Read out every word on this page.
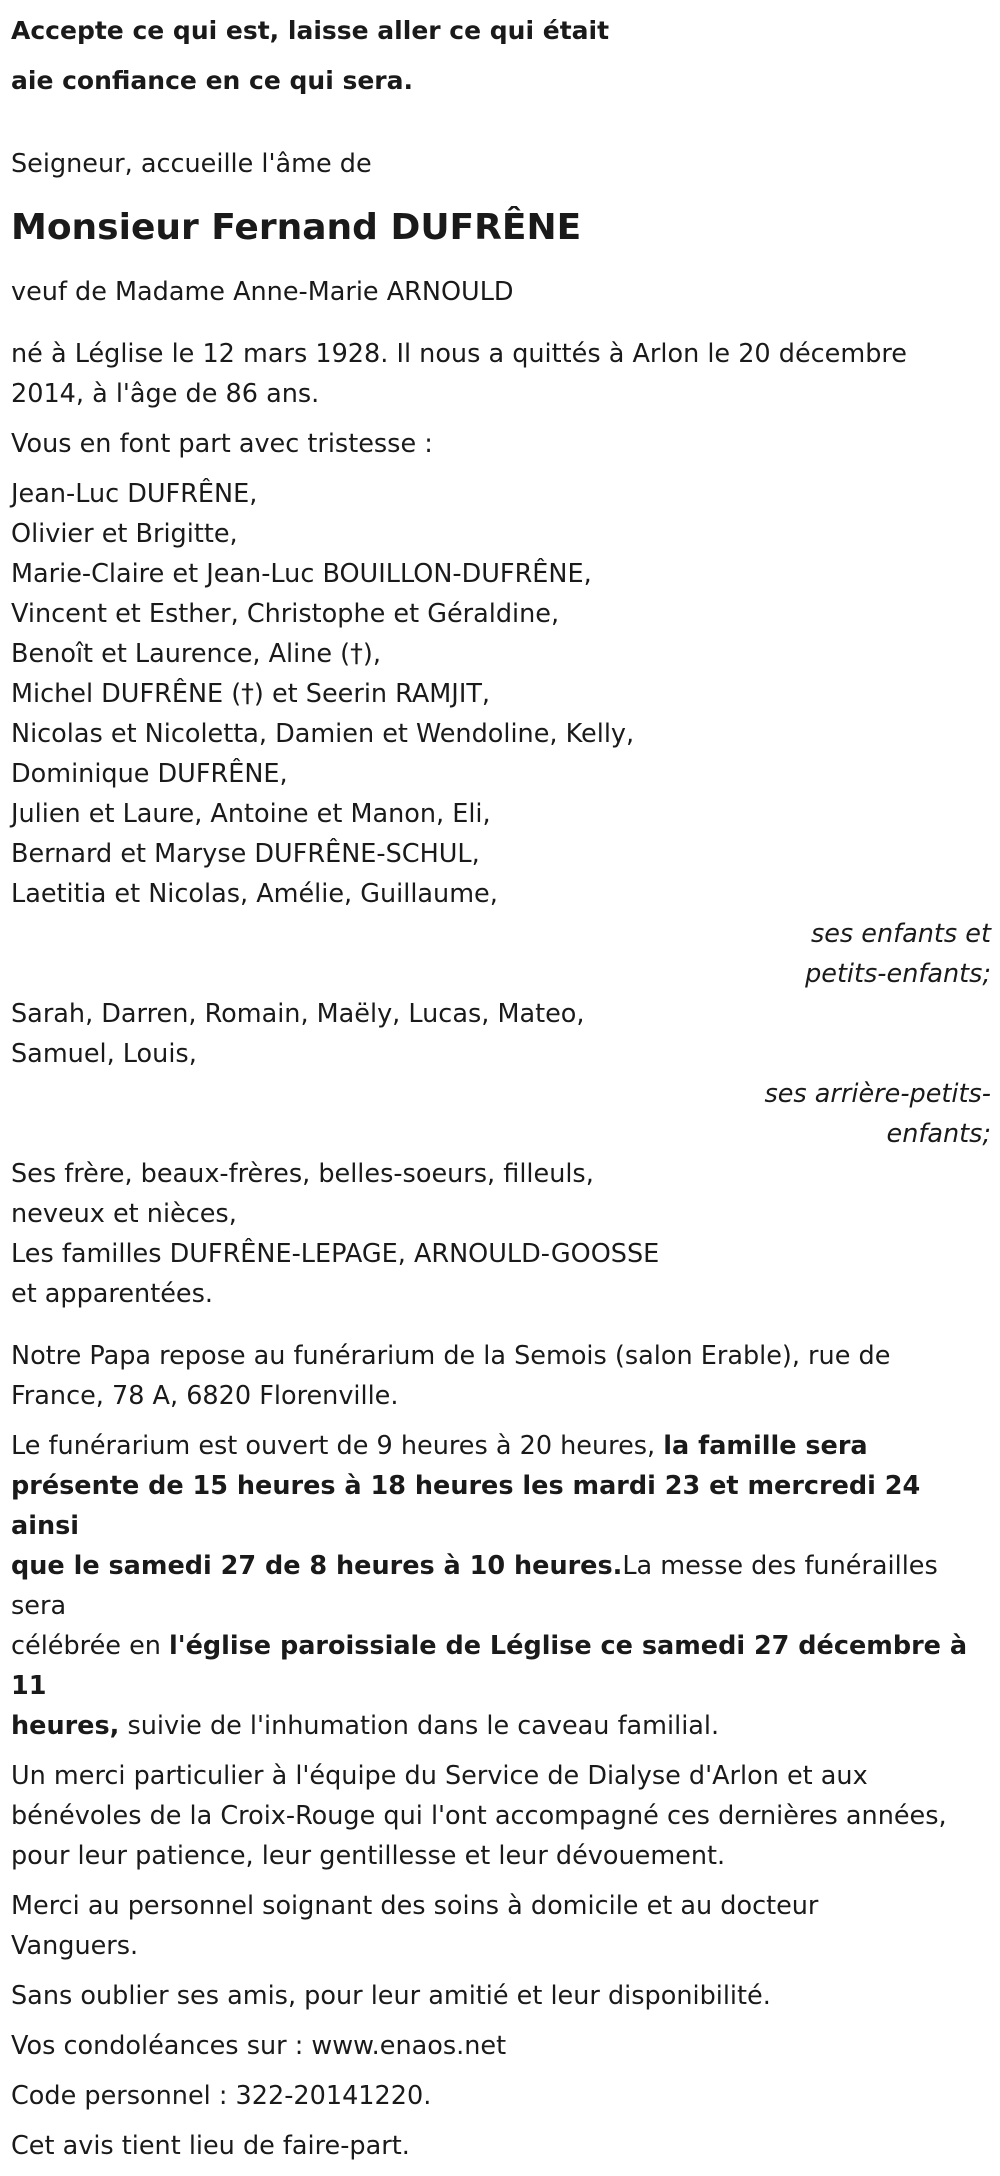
Accepte ce qui est, laisse aller ce qui était

aie confiance en ce qui sera.

Seigneur, accueille l'âme de

Monsieur Fernand DUFRÊNE

veuf de Madame Anne-Marie ARNOULD

né à Léglise le 12 mars 1928. Il nous a quittés à Arlon le 20 décembre

2014, à l'âge de 86 ans.

Vous en font part avec tristesse :

Jean-Luc DUFRÊNE,

Olivier et Brigitte,

Marie-Claire et Jean-Luc BOUILLON-DUFRÊNE,

Vincent et Esther, Christophe et Géraldine,

Benoît et Laurence, Aline (†),

Michel DUFRÊNE (†) et Seerin RAMJIT,

Nicolas et Nicoletta, Damien et Wendoline, Kelly,

Dominique DUFRÊNE,

Julien et Laure, Antoine et Manon, Eli,

Bernard et Maryse DUFRÊNE-SCHUL,

Laetitia et Nicolas, Amélie, Guillaume,

ses enfants et
petits-enfants;

Sarah, Darren, Romain, Maëly, Lucas, Mateo,

Samuel, Louis,

ses arrière-petits-
enfants;

Ses frère, beaux-frères, belles-soeurs, filleuls,

neveux et nièces,

Les familles DUFRÊNE-LEPAGE, ARNOULD-GOOSSE

et apparentées.

Notre Papa repose au funérarium de la Semois (salon Erable), rue de

France, 78 A, 6820 Florenville.

Le funérarium est ouvert de 9 heures à 20 heures, la famille sera

présente de 15 heures à 18 heures les mardi 23 et mercredi 24 ainsi

que le samedi 27 de 8 heures à 10 heures.La messe des funérailles sera

célébrée en l'église paroissiale de Léglise ce samedi 27 décembre à 11

heures, suivie de l'inhumation dans le caveau familial.

Un merci particulier à l'équipe du Service de Dialyse d'Arlon et aux

bénévoles de la Croix-Rouge qui l'ont accompagné ces dernières années,

pour leur patience, leur gentillesse et leur dévouement.

Merci au personnel soignant des soins à domicile et au docteur

Vanguers.

Sans oublier ses amis, pour leur amitié et leur disponibilité.

Vos condoléances sur : www.enaos.net

Code personnel : 322-20141220.

Cet avis tient lieu de faire-part.
